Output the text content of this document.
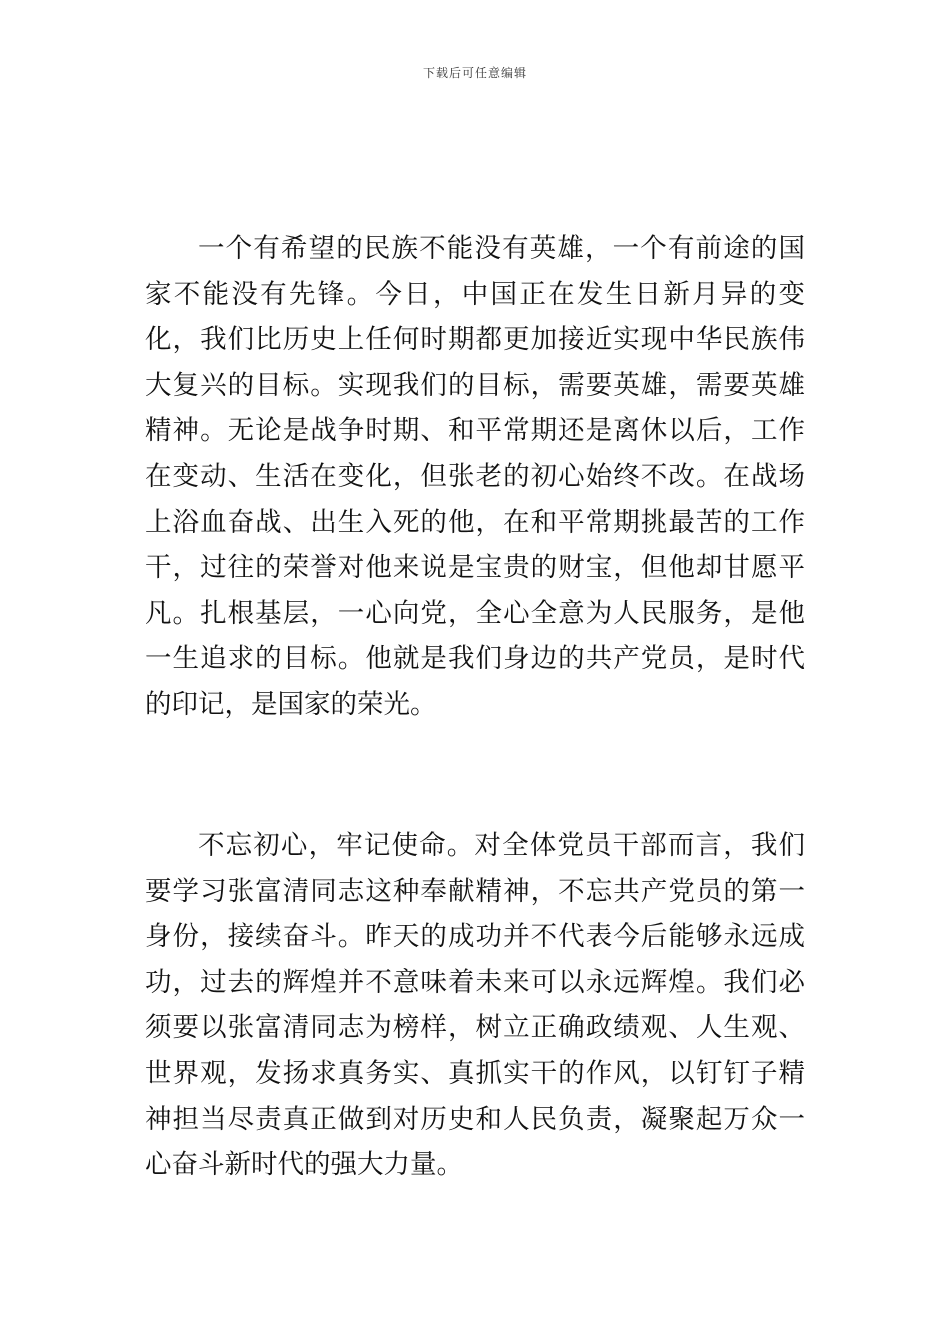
下载后可任意编辑

一个有希望的民族不能没有英雄，一个有前途的国家不能没有先锋。今日，中国正在发生日新月异的变化，我们比历史上任何时期都更加接近实现中华民族伟大复兴的目标。实现我们的目标，需要英雄，需要英雄精神。无论是战争时期、和平常期还是离休以后，工作在变动、生活在变化，但张老的初心始终不改。在战场上浴血奋战、出生入死的他，在和平常期挑最苦的工作干，过往的荣誉对他来说是宝贵的财宝，但他却甘愿平凡。扎根基层，一心向党，全心全意为人民服务，是他一生追求的目标。他就是我们身边的共产党员，是时代的印记，是国家的荣光。

不忘初心，牢记使命。对全体党员干部而言，我们要学习张富清同志这种奉献精神，不忘共产党员的第一身份，接续奋斗。昨天的成功并不代表今后能够永远成功，过去的辉煌并不意味着未来可以永远辉煌。我们必须要以张富清同志为榜样，树立正确政绩观、人生观、世界观，发扬求真务实、真抓实干的作风，以钉钉子精神担当尽责真正做到对历史和人民负责，凝聚起万众一心奋斗新时代的强大力量。
